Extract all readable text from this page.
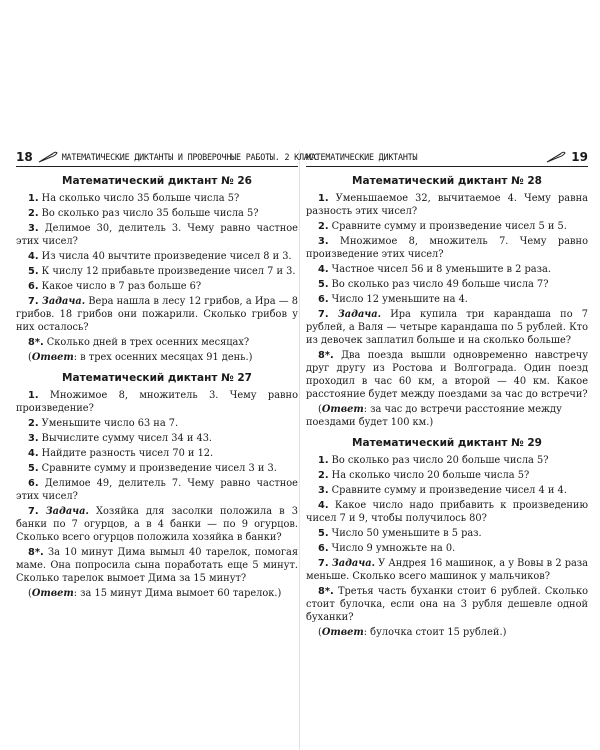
18	МАТЕМАТИЧЕСКИЕ ДИКТАНТЫ И ПРОВЕРОЧНЫЕ РАБОТЫ. 2 КЛАСС
Математический диктант № 26

1. На сколько число 35 больше числа 5?

2. Во сколько раз число 35 больше числа 5?

3. Делимое 30, делитель 3. Чему равно частное этих чисел?

4. Из числа 40 вычтите произведение чисел 8 и 3.

5. К числу 12 прибавьте произведение чисел 7 и 3.

6. Какое число в 7 раз больше 6?

7. Задача. Вера нашла в лесу 12 грибов, а Ира — 8 грибов. 18 грибов они пожарили. Сколько грибов у них осталось?

8*. Сколько дней в трех осенних месяцах?

(Ответ: в трех осенних месяцах 91 день.)

Математический диктант № 27

1. Множимое 8, множитель 3. Чему равно произведение?

2. Уменьшите число 63 на 7.

3. Вычислите сумму чисел 34 и 43.

4. Найдите разность чисел 70 и 12.

5. Сравните сумму и произведение чисел 3 и 3.

6. Делимое 49, делитель 7. Чему равно частное этих чисел?

7. Задача. Хозяйка для засолки положила в 3 банки по 7 огурцов, а в 4 банки — по 9 огурцов. Сколько всего огурцов положила хозяйка в банки?

8*. За 10 минут Дима вымыл 40 тарелок, помогая маме. Она попросила сына поработать еще 5 минут. Сколько тарелок вымоет Дима за 15 минут?

(Ответ: за 15 минут Дима вымоет 60 тарелок.)

МАТЕМАТИЧЕСКИЕ ДИКТАНТЫ	19
Математический диктант № 28

1. Уменьшаемое 32, вычитаемое 4. Чему равна разность этих чисел?

2. Сравните сумму и произведение чисел 5 и 5.

3. Множимое 8, множитель 7. Чему равно произведение этих чисел?

4. Частное чисел 56 и 8 уменьшите в 2 раза.

5. Во сколько раз число 49 больше числа 7?

6. Число 12 уменьшите на 4.

7. Задача. Ира купила три карандаша по 7 рублей, а Валя — четыре карандаша по 5 рублей. Кто из девочек заплатил больше и на сколько больше?

8*. Два поезда вышли одновременно навстречу друг другу из Ростова и Волгограда. Один поезд проходил в час 60 км, а второй — 40 км. Какое расстояние будет между поездами за час до встречи?

(Ответ: за час до встречи расстояние между поездами будет 100 км.)

Математический диктант № 29

1. Во сколько раз число 20 больше числа 5?

2. На сколько число 20 больше числа 5?

3. Сравните сумму и произведение чисел 4 и 4.

4. Какое число надо прибавить к произведению чисел 7 и 9, чтобы получилось 80?

5. Число 50 уменьшите в 5 раз.

6. Число 9 умножьте на 0.

7. Задача. У Андрея 16 машинок, а у Вовы в 2 раза меньше. Сколько всего машинок у мальчиков?

8*. Третья часть буханки стоит 6 рублей. Сколько стоит булочка, если она на 3 рубля дешевле одной буханки?

(Ответ: булочка стоит 15 рублей.)
